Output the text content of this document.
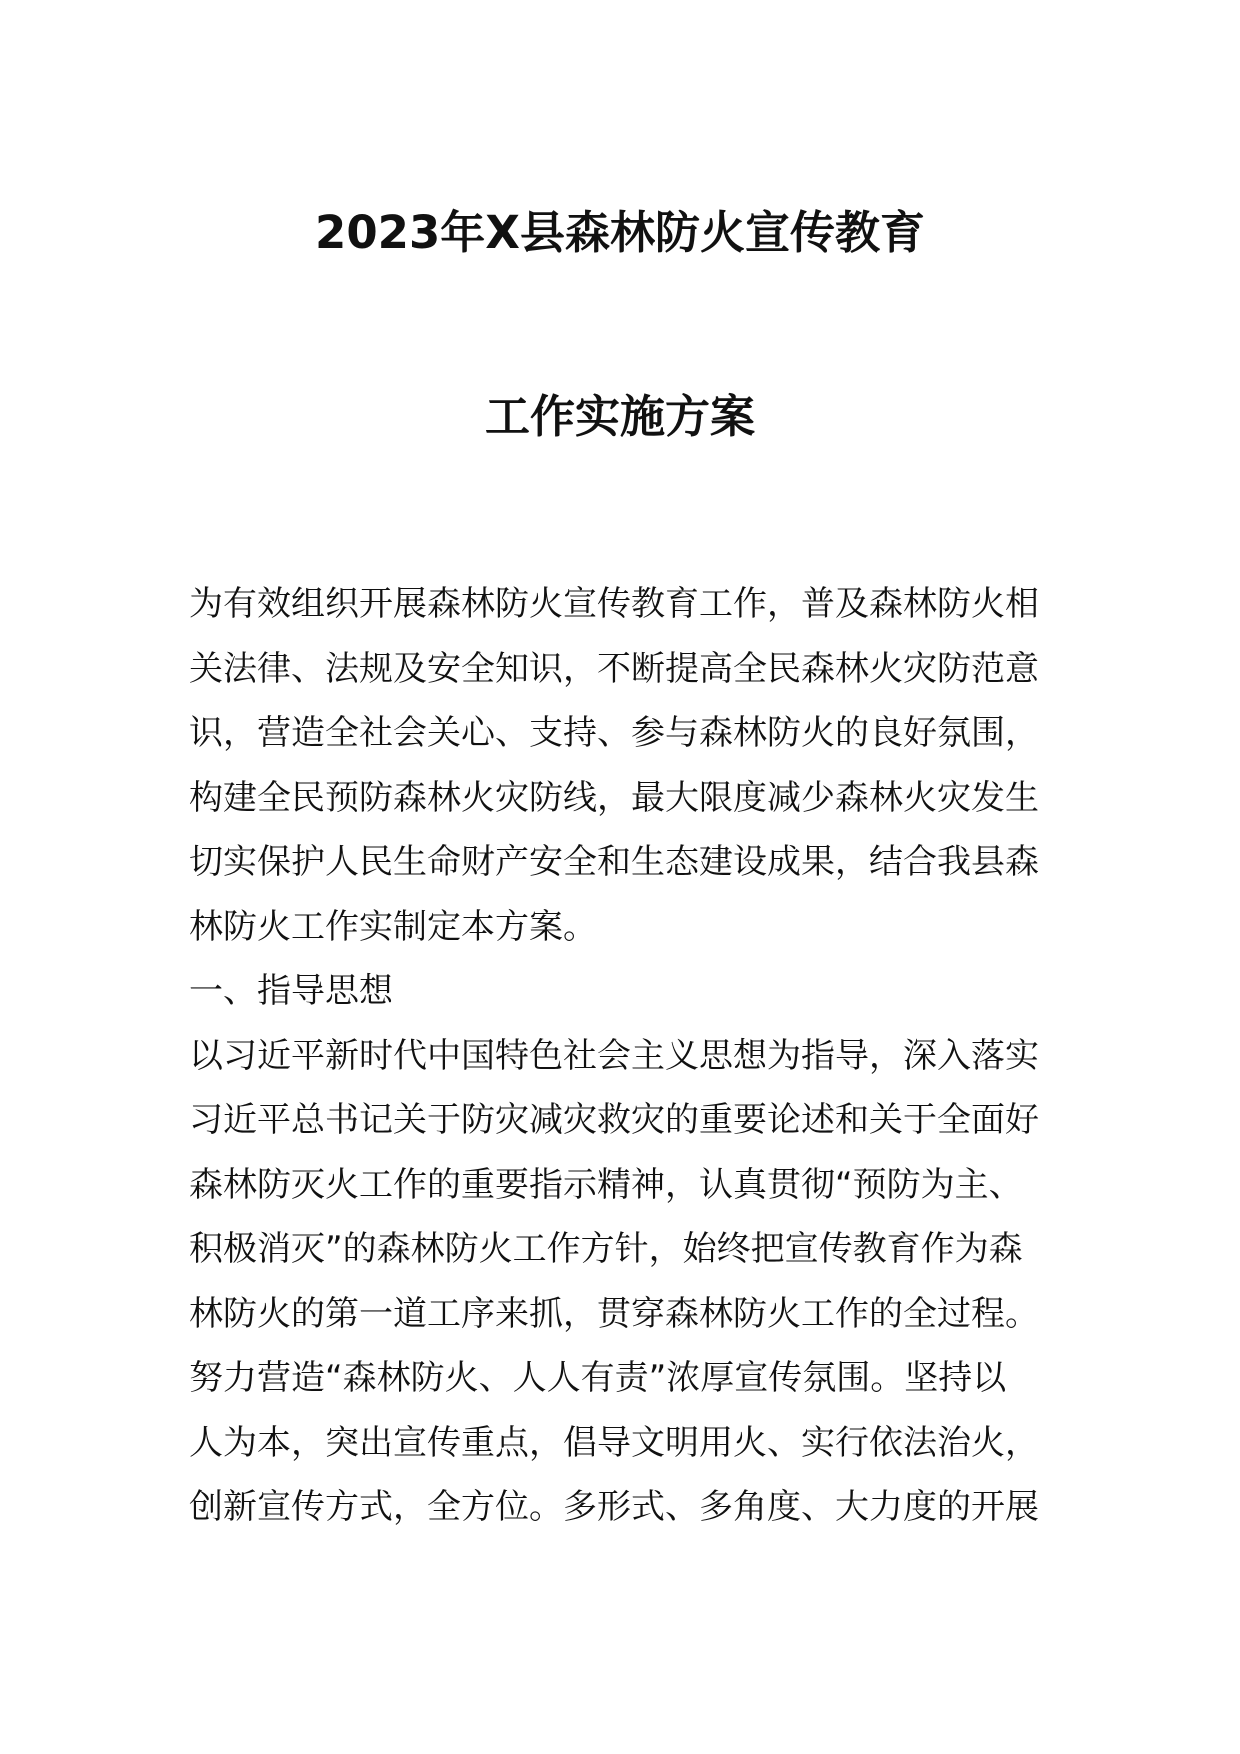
2023年X县森林防火宣传教育
工作实施方案
为有效组织开展森林防火宣传教育工作，普及森林防火相
关法律、法规及安全知识，不断提高全民森林火灾防范意
识，营造全社会关心、支持、参与森林防火的良好氛围，
构建全民预防森林火灾防线，最大限度减少森林火灾发生
切实保护人民生命财产安全和生态建设成果，结合我县森
林防火工作实制定本方案。
一、指导思想
以习近平新时代中国特色社会主义思想为指导，深入落实
习近平总书记关于防灾减灾救灾的重要论述和关于全面好
森林防灭火工作的重要指示精神，认真贯彻“预防为主、
积极消灭”的森林防火工作方针，始终把宣传教育作为森
林防火的第一道工序来抓，贯穿森林防火工作的全过程。
努力营造“森林防火、人人有责”浓厚宣传氛围。坚持以
人为本，突出宣传重点，倡导文明用火、实行依法治火，
创新宣传方式，全方位。多形式、多角度、大力度的开展
